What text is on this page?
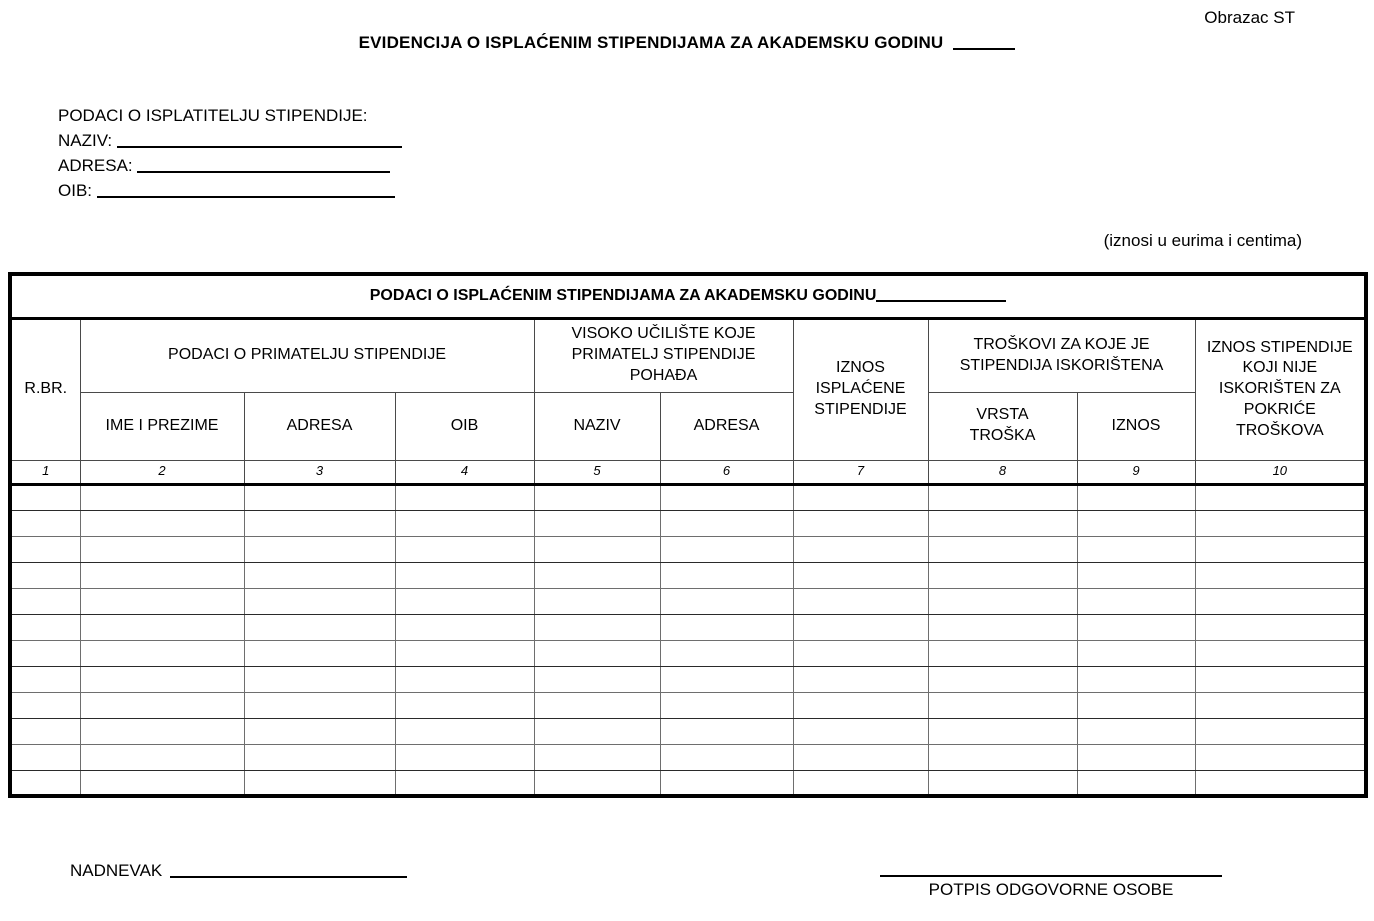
Obrazac ST
EVIDENCIJA O ISPLAĆENIM STIPENDIJAMA ZA AKADEMSKU GODINU
PODACI O ISPLATITELJU STIPENDIJE:
NAZIV:
ADRESA:
OIB:
(iznosi u eurima i centima)
PODACI O ISPLAĆENIM STIPENDIJAMA ZA AKADEMSKU GODINU									
R.BR.	PODACI O PRIMATELJU STIPENDIJE			VISOKO UČILIŠTE KOJE PRIMATELJ STIPENDIJE POHAĐA		IZNOS ISPLAĆENE STIPENDIJE	TROŠKOVI ZA KOJE JE STIPENDIJA ISKORIŠTENA		IZNOS STIPENDIJE KOJI NIJE ISKORIŠTEN ZA POKRIĆE TROŠKOVA
	IME I PREZIME	ADRESA	OIB	NAZIV	ADRESA		VRSTA TROŠKA	IZNOS	
1	2	3	4	5	6	7	8	9	10

NADNEVAK
POTPIS ODGOVORNE OSOBE
